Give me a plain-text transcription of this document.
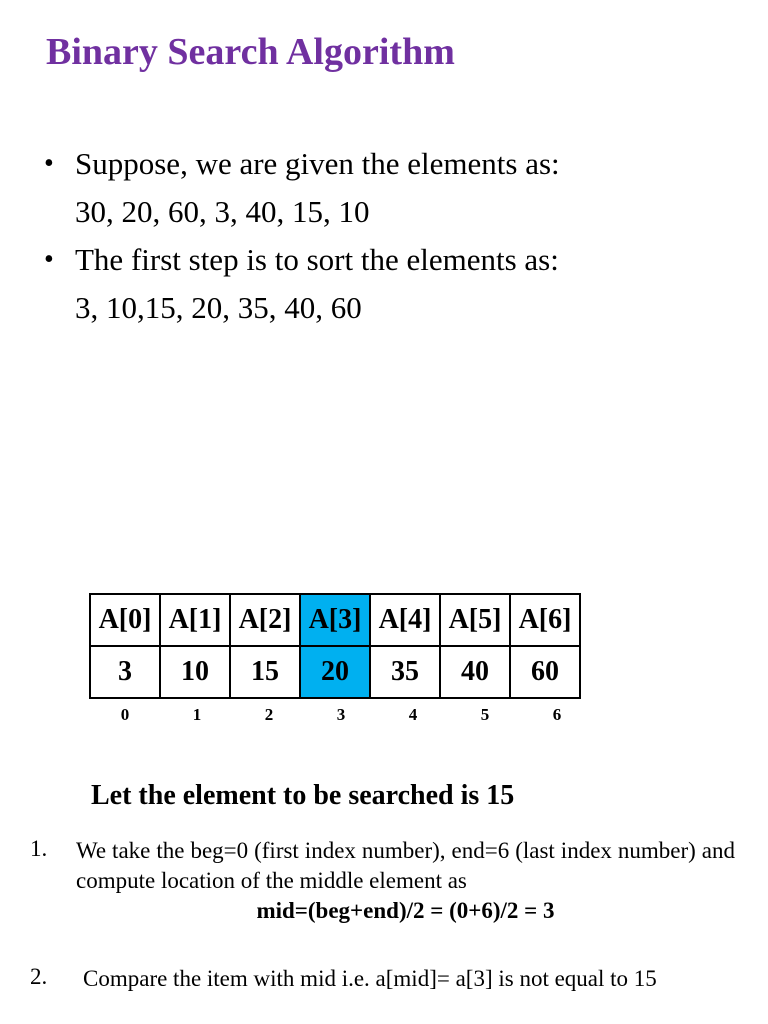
Binary Search Algorithm
• Suppose, we are given the elements as:
30, 20, 60, 3, 40, 15, 10
• The first step is to sort the elements as:
3, 10,15, 20, 35, 40, 60
A[0]	A[1]	A[2]	A[3]	A[4]	A[5]	A[6]
3	10	15	20	35	40	60
0	1	2	3	4	5	6
Let the element to be searched is 15
1.	We take the beg=0 (first index number), end=6 (last index number) and compute location of the middle element as
mid=(beg+end)/2 = (0+6)/2 = 3
2.	Compare the item with mid i.e. a[mid]= a[3] is not equal to 15
